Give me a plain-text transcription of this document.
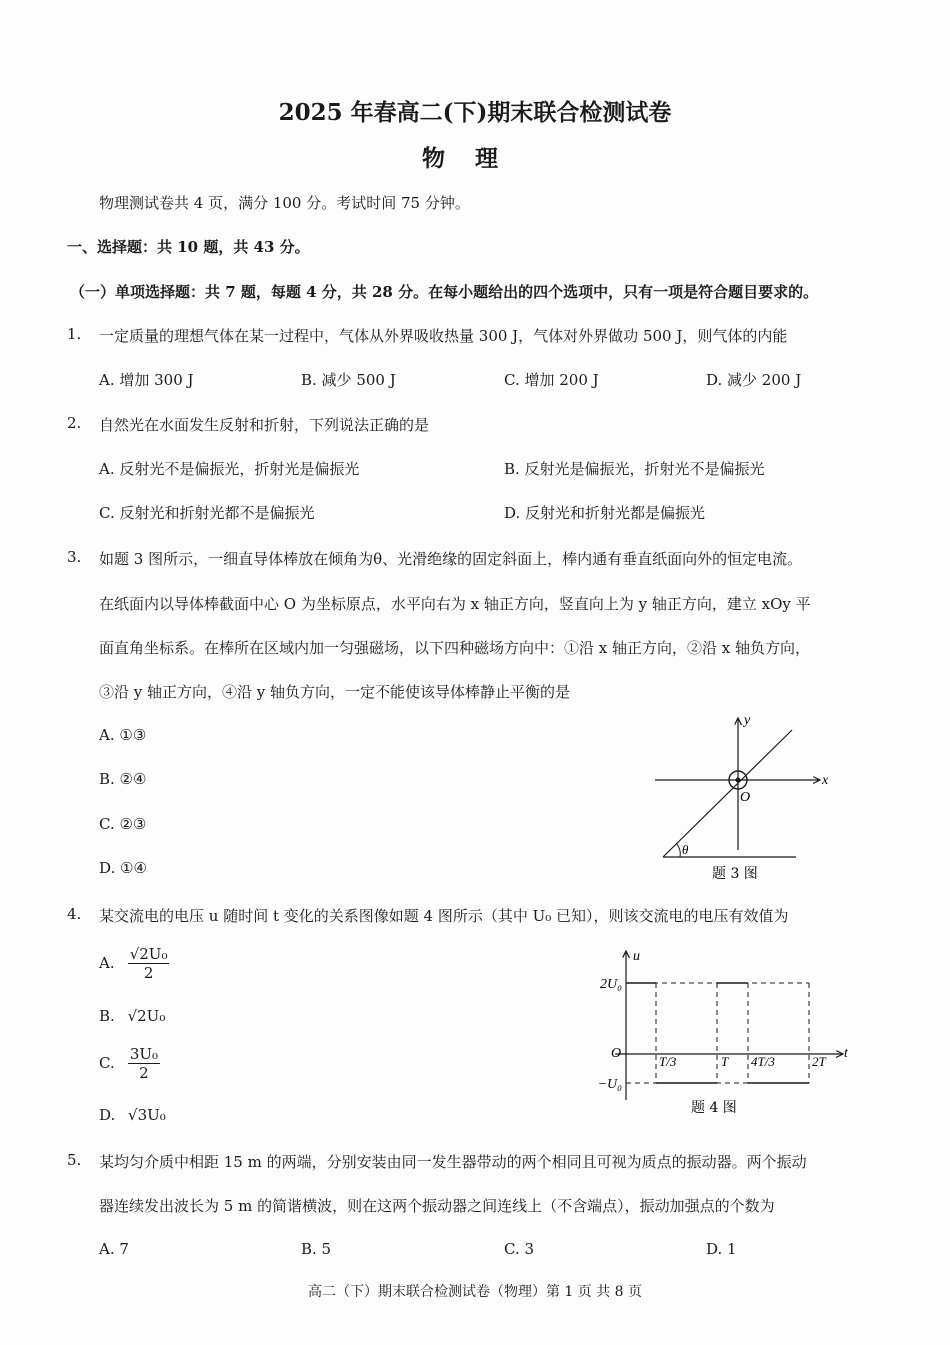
2025 年春高二(下)期末联合检测试卷
物理
物理测试卷共 4 页，满分 100 分。考试时间 75 分钟。
一、选择题：共 10 题，共 43 分。
（一）单项选择题：共 7 题，每题 4 分，共 28 分。在每小题给出的四个选项中，只有一项是符合题目要求的。
1. 一定质量的理想气体在某一过程中，气体从外界吸收热量 300 J，气体对外界做功 500 J，则气体的内能
A. 增加 300 J	B. 减少 500 J	C. 增加 200 J	D. 减少 200 J
2. 自然光在水面发生反射和折射，下列说法正确的是
A. 反射光不是偏振光，折射光是偏振光	B. 反射光是偏振光，折射光不是偏振光
C. 反射光和折射光都不是偏振光	D. 反射光和折射光都是偏振光
3. 如题 3 图所示，一细直导体棒放在倾角为θ、光滑绝缘的固定斜面上，棒内通有垂直纸面向外的恒定电流。
在纸面内以导体棒截面中心 O 为坐标原点，水平向右为 x 轴正方向，竖直向上为 y 轴正方向，建立 xOy 平
面直角坐标系。在棒所在区域内加一匀强磁场，以下四种磁场方向中：①沿 x 轴正方向，②沿 x 轴负方向，
③沿 y 轴正方向，④沿 y 轴负方向，一定不能使该导体棒静止平衡的是
A. ①③
B. ②④
C. ②③
D. ①④
y
x
O
θ
题 3 图
4. 某交流电的电压 u 随时间 t 变化的关系图像如题 4 图所示（其中 U₀ 已知），则该交流电的电压有效值为
A. $\frac{\text{√2U₀}}{2}$
B. √2U₀
C. $\frac{\text{3U₀}}{2}$
D. √3U₀
u
t
O
2U₀
−U₀
T/3	T 4T/3	2T
题 4 图
5. 某均匀介质中相距 15 m 的两端，分别安装由同一发生器带动的两个相同且可视为质点的振动器。两个振动
器连续发出波长为 5 m 的简谐横波，则在这两个振动器之间连线上（不含端点），振动加强点的个数为
A. 7	B. 5	C. 3	D. 1
高二（下）期末联合检测试卷（物理）第 1 页 共 8 页
